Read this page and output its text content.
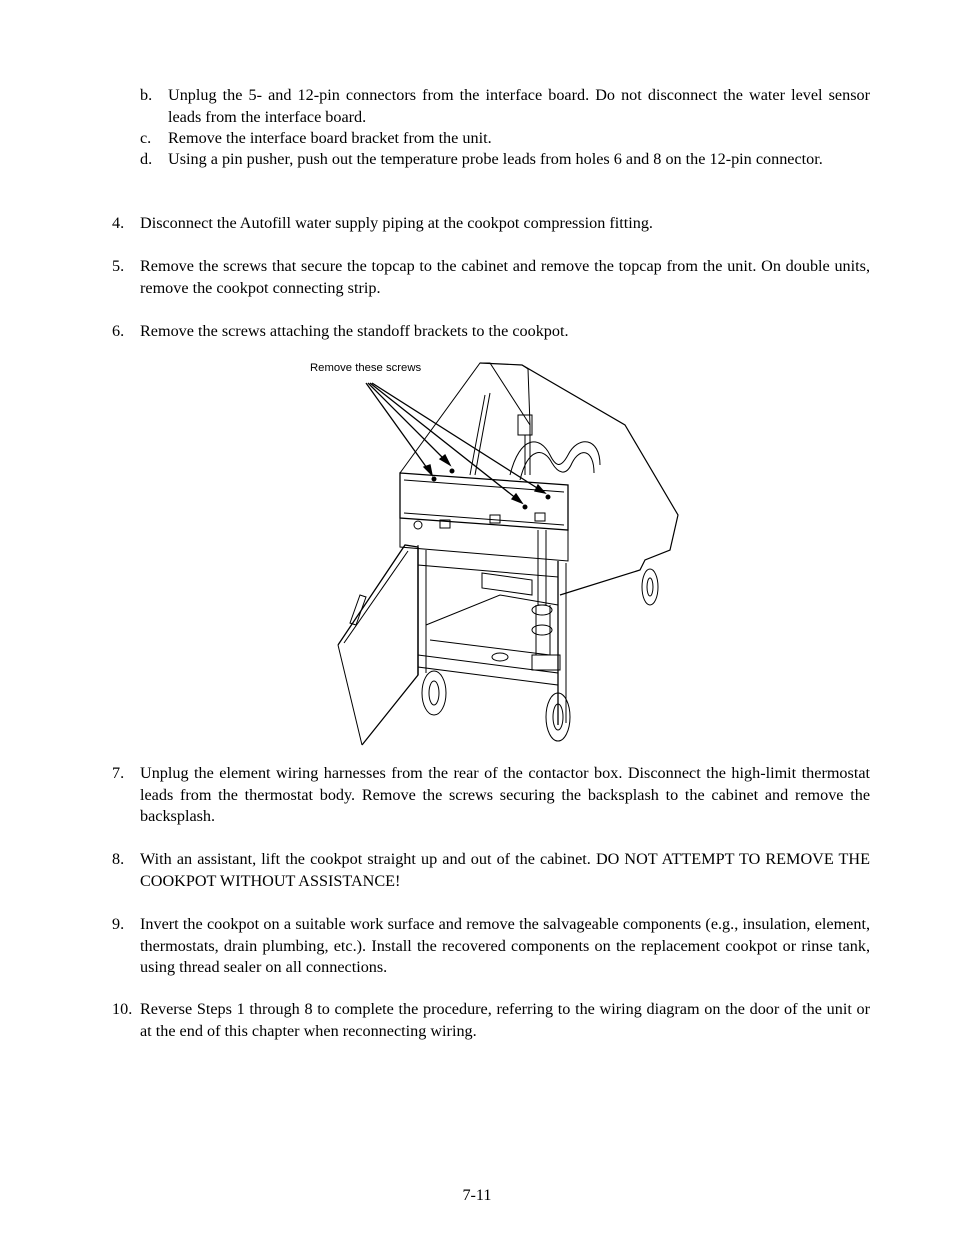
b. Unplug the 5- and 12-pin connectors from the interface board. Do not disconnect the water level sensor leads from the interface board.
c. Remove the interface board bracket from the unit.
d. Using a pin pusher, push out the temperature probe leads from holes 6 and 8 on the 12-pin connector.
4. Disconnect the Autofill water supply piping at the cookpot compression fitting.
5. Remove the screws that secure the topcap to the cabinet and remove the topcap from the unit. On double units, remove the cookpot connecting strip.
6. Remove the screws attaching the standoff brackets to the cookpot.
Remove these screws
7. Unplug the element wiring harnesses from the rear of the contactor box. Disconnect the high-limit thermostat leads from the thermostat body. Remove the screws securing the backsplash to the cabinet and remove the backsplash.
8. With an assistant, lift the cookpot straight up and out of the cabinet. DO NOT ATTEMPT TO REMOVE THE COOKPOT WITHOUT ASSISTANCE!
9. Invert the cookpot on a suitable work surface and remove the salvageable components (e.g., insulation, element, thermostats, drain plumbing, etc.). Install the recovered components on the replacement cookpot or rinse tank, using thread sealer on all connections.
10. Reverse Steps 1 through 8 to complete the procedure, referring to the wiring diagram on the door of the unit or at the end of this chapter when reconnecting wiring.
7-11
